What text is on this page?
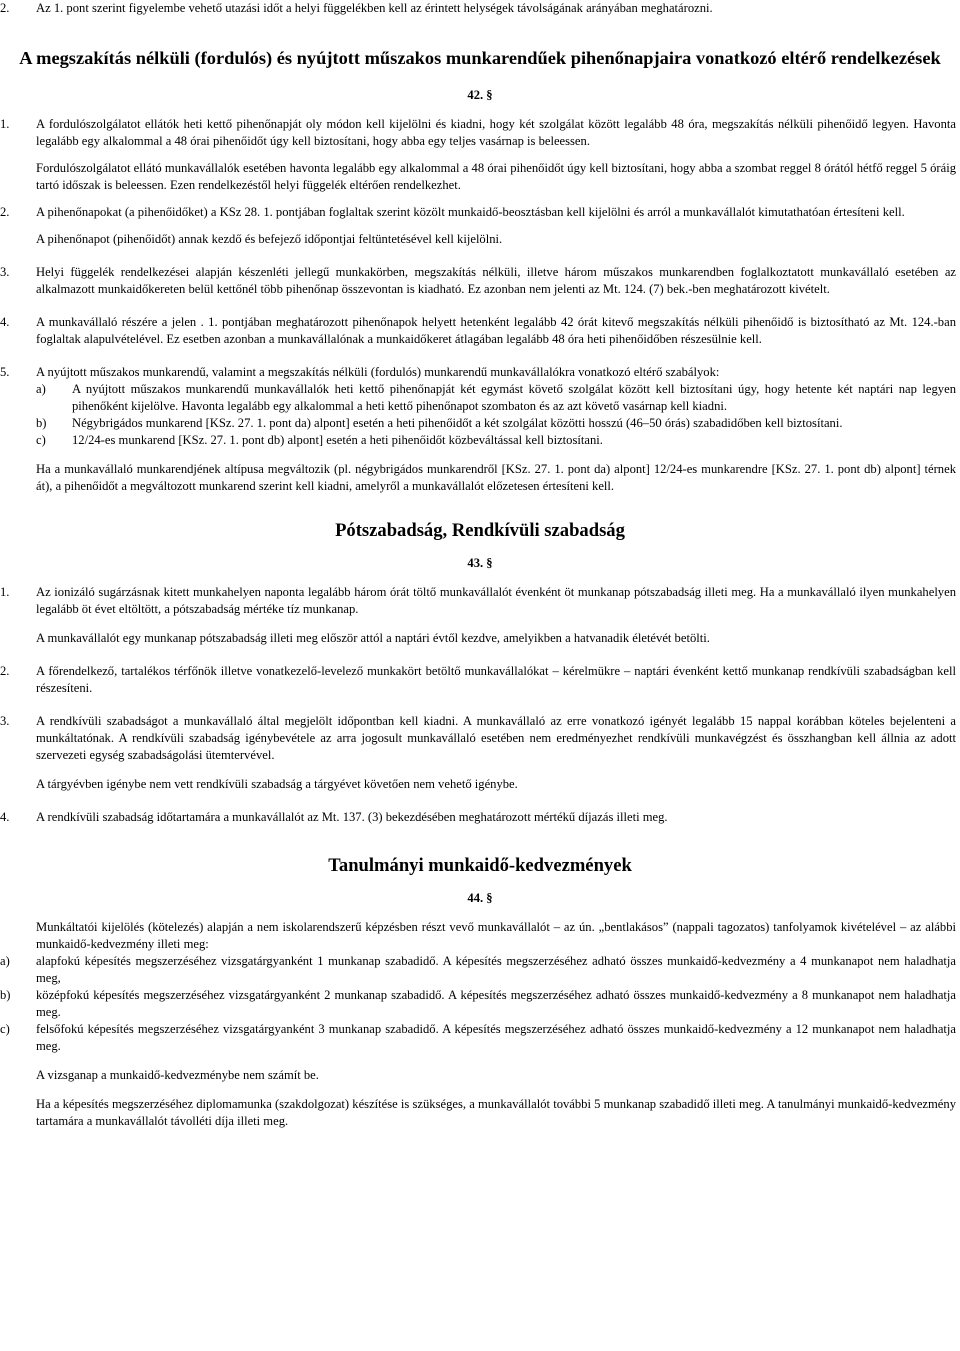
2. Az 1. pont szerint figyelembe vehető utazási időt a helyi függelékben kell az érintett helységek távolságának arányában meghatározni.

A megszakítás nélküli (fordulós) és nyújtott műszakos munkarendűek pihenőnapjaira vonatkozó eltérő rendelkezések

42. §

1. A fordulószolgálatot ellátók heti kettő pihenőnapját oly módon kell kijelölni és kiadni, hogy két szolgálat között legalább 48 óra, megszakítás nélküli pihenőidő legyen. Havonta legalább egy alkalommal a 48 órai pihenőidőt úgy kell biztosítani, hogy abba egy teljes vasárnap is beleessen.

Fordulószolgálatot ellátó munkavállalók esetében havonta legalább egy alkalommal a 48 órai pihenőidőt úgy kell biztosítani, hogy abba a szombat reggel 8 órától hétfő reggel 5 óráig tartó időszak is beleessen. Ezen rendelkezéstől helyi függelék eltérően rendelkezhet.

2. A pihenőnapokat (a pihenőidőket) a KSz 28. 1. pontjában foglaltak szerint közölt munkaidő-beosztásban kell kijelölni és arról a munkavállalót kimutathatóan értesíteni kell.

A pihenőnapot (pihenőidőt) annak kezdő és befejező időpontjai feltüntetésével kell kijelölni.

3. Helyi függelék rendelkezései alapján készenléti jellegű munkakörben, megszakítás nélküli, illetve három műszakos munkarendben foglalkoztatott munkavállaló esetében az alkalmazott munkaidőkereten belül kettőnél több pihenőnap összevontan is kiadható. Ez azonban nem jelenti az Mt. 124. (7) bek.-ben meghatározott kivételt.

4. A munkavállaló részére a jelen . 1. pontjában meghatározott pihenőnapok helyett hetenként legalább 42 órát kitevő megszakítás nélküli pihenőidő is biztosítható az Mt. 124.-ban foglaltak alapulvételével. Ez esetben azonban a munkavállalónak a munkaidőkeret átlagában legalább 48 óra heti pihenőidőben részesülnie kell.

5. A nyújtott műszakos munkarendű, valamint a megszakítás nélküli (fordulós) munkarendű munkavállalókra vonatkozó eltérő szabályok:

a) A nyújtott műszakos munkarendű munkavállalók heti kettő pihenőnapját két egymást követő szolgálat között kell biztosítani úgy, hogy hetente két naptári nap legyen pihenőként kijelölve. Havonta legalább egy alkalommal a heti kettő pihenőnapot szombaton és az azt követő vasárnap kell kiadni.

b) Négybrigádos munkarend [KSz. 27. 1. pont da) alpont] esetén a heti pihenőidőt a két szolgálat közötti hosszú (46–50 órás) szabadidőben kell biztosítani.

c) 12/24-es munkarend [KSz. 27. 1. pont db) alpont] esetén a heti pihenőidőt közbeváltással kell biztosítani.

Ha a munkavállaló munkarendjének altípusa megváltozik (pl. négybrigádos munkarendről [KSz. 27. 1. pont da) alpont] 12/24-es munkarendre [KSz. 27. 1. pont db) alpont] térnek át), a pihenőidőt a megváltozott munkarend szerint kell kiadni, amelyről a munkavállalót előzetesen értesíteni kell.

Pótszabadság, Rendkívüli szabadság

43. §

1. Az ionizáló sugárzásnak kitett munkahelyen naponta legalább három órát töltő munkavállalót évenként öt munkanap pótszabadság illeti meg. Ha a munkavállaló ilyen munkahelyen legalább öt évet eltöltött, a pótszabadság mértéke tíz munkanap.

A munkavállalót egy munkanap pótszabadság illeti meg először attól a naptári évtől kezdve, amelyikben a hatvanadik életévét betölti.

2. A főrendelkező, tartalékos térfőnök illetve vonatkezelő-levelező munkakört betöltő munkavállalókat – kérelmükre – naptári évenként kettő munkanap rendkívüli szabadságban kell részesíteni.

3. A rendkívüli szabadságot a munkavállaló által megjelölt időpontban kell kiadni. A munkavállaló az erre vonatkozó igényét legalább 15 nappal korábban köteles bejelenteni a munkáltatónak. A rendkívüli szabadság igénybevétele az arra jogosult munkavállaló esetében nem eredményezhet rendkívüli munkavégzést és összhangban kell állnia az adott szervezeti egység szabadságolási ütemtervével.

A tárgyévben igénybe nem vett rendkívüli szabadság a tárgyévet követően nem vehető igénybe.

4. A rendkívüli szabadság időtartamára a munkavállalót az Mt. 137. (3) bekezdésében meghatározott mértékű díjazás illeti meg.

Tanulmányi munkaidő-kedvezmények

44. §

Munkáltatói kijelölés (kötelezés) alapján a nem iskolarendszerű képzésben részt vevő munkavállalót – az ún. „bentlakásos” (nappali tagozatos) tanfolyamok kivételével – az alábbi munkaidő-kedvezmény illeti meg:

a) alapfokú képesítés megszerzéséhez vizsgatárgyanként 1 munkanap szabadidő. A képesítés megszerzéséhez adható összes munkaidő-kedvezmény a 4 munkanapot nem haladhatja meg,

b) középfokú képesítés megszerzéséhez vizsgatárgyanként 2 munkanap szabadidő. A képesítés megszerzéséhez adható összes munkaidő-kedvezmény a 8 munkanapot nem haladhatja meg.

c) felsőfokú képesítés megszerzéséhez vizsgatárgyanként 3 munkanap szabadidő. A képesítés megszerzéséhez adható összes munkaidő-kedvezmény a 12 munkanapot nem haladhatja meg.

A vizsganap a munkaidő-kedvezménybe nem számít be.

Ha a képesítés megszerzéséhez diplomamunka (szakdolgozat) készítése is szükséges, a munkavállalót további 5 munkanap szabadidő illeti meg. A tanulmányi munkaidő-kedvezmény tartamára a munkavállalót távolléti díja illeti meg.
